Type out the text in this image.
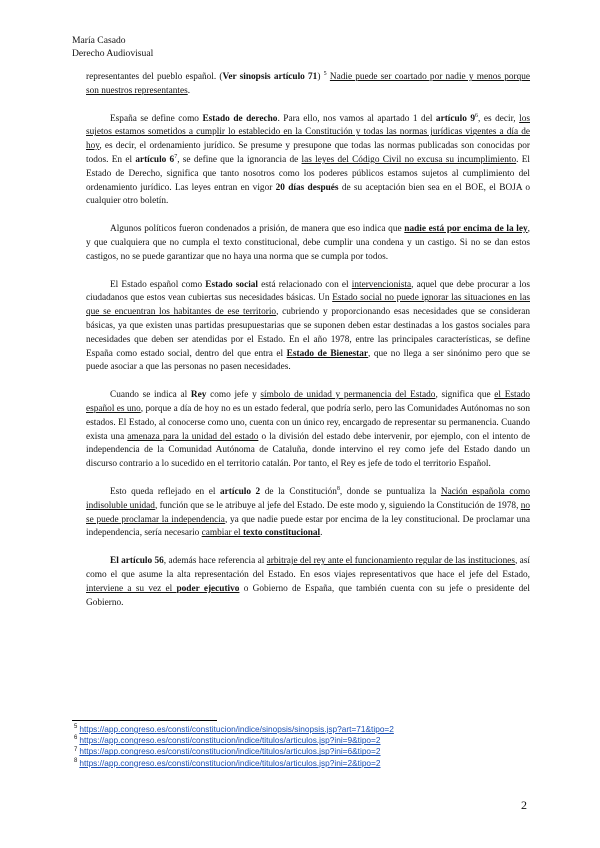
María Casado
Derecho Audiovisual

representantes del pueblo español. (Ver sinopsis artículo 71) $^5$ Nadie puede ser coartado por nadie y menos porque son nuestros representantes.

España se define como Estado de derecho. Para ello, nos vamos al apartado 1 del artículo $9^6$, es decir, los sujetos estamos sometidos a cumplir lo establecido en la Constitución y todas las normas jurídicas vigentes a día de hoy, es decir, el ordenamiento jurídico. Se presume y presupone que todas las normas publicadas son conocidas por todos. En el artículo $6^7$, se define que la ignorancia de las leyes del Código Civil no excusa su incumplimiento. El Estado de Derecho, significa que tanto nosotros como los poderes públicos estamos sujetos al cumplimiento del ordenamiento jurídico. Las leyes entran en vigor 20 días después de su aceptación bien sea en el BOE, el BOJA o cualquier otro boletín.

Algunos políticos fueron condenados a prisión, de manera que eso indica que nadie está por encima de la ley, y que cualquiera que no cumpla el texto constitucional, debe cumplir una condena y un castigo. Si no se dan estos castigos, no se puede garantizar que no haya una norma que se cumpla por todos.

El Estado español como Estado social está relacionado con el intervencionista, aquel que debe procurar a los ciudadanos que estos vean cubiertas sus necesidades básicas. Un Estado social no puede ignorar las situaciones en las que se encuentran los habitantes de ese territorio, cubriendo y proporcionando esas necesidades que se consideran básicas, ya que existen unas partidas presupuestarias que se suponen deben estar destinadas a los gastos sociales para necesidades que deben ser atendidas por el Estado. En el año 1978, entre las principales características, se define España como estado social, dentro del que entra el Estado de Bienestar, que no llega a ser sinónimo pero que se puede asociar a que las personas no pasen necesidades.

Cuando se indica al Rey como jefe y símbolo de unidad y permanencia del Estado, significa que el Estado español es uno, porque a día de hoy no es un estado federal, que podría serlo, pero las Comunidades Autónomas no son estados. El Estado, al conocerse como uno, cuenta con un único rey, encargado de representar su permanencia. Cuando exista una amenaza para la unidad del estado o la división del estado debe intervenir, por ejemplo, con el intento de independencia de la Comunidad Autónoma de Cataluña, donde intervino el rey como jefe del Estado dando un discurso contrario a lo sucedido en el territorio catalán. Por tanto, el Rey es jefe de todo el territorio Español.

Esto queda reflejado en el artículo 2 de la Constitución$^8$, donde se puntualiza la Nación española como indisoluble unidad, función que se le atribuye al jefe del Estado. De este modo y, siguiendo la Constitución de 1978, no se puede proclamar la independencia, ya que nadie puede estar por encima de la ley constitucional. De proclamar una independencia, sería necesario cambiar el texto constitucional.

El artículo 56, además hace referencia al arbitraje del rey ante el funcionamiento regular de las instituciones, así como el que asume la alta representación del Estado. En esos viajes representativos que hace el jefe del Estado, interviene a su vez el poder ejecutivo o Gobierno de España, que también cuenta con su jefe o presidente del Gobierno.

$^5$ https://app.congreso.es/consti/constitucion/indice/sinopsis/sinopsis.jsp?art=71&tipo=2
$^6$ https://app.congreso.es/consti/constitucion/indice/titulos/articulos.jsp?ini=9&tipo=2
$^7$ https://app.congreso.es/consti/constitucion/indice/titulos/articulos.jsp?ini=6&tipo=2
$^8$ https://app.congreso.es/consti/constitucion/indice/titulos/articulos.jsp?ini=2&tipo=2
2
